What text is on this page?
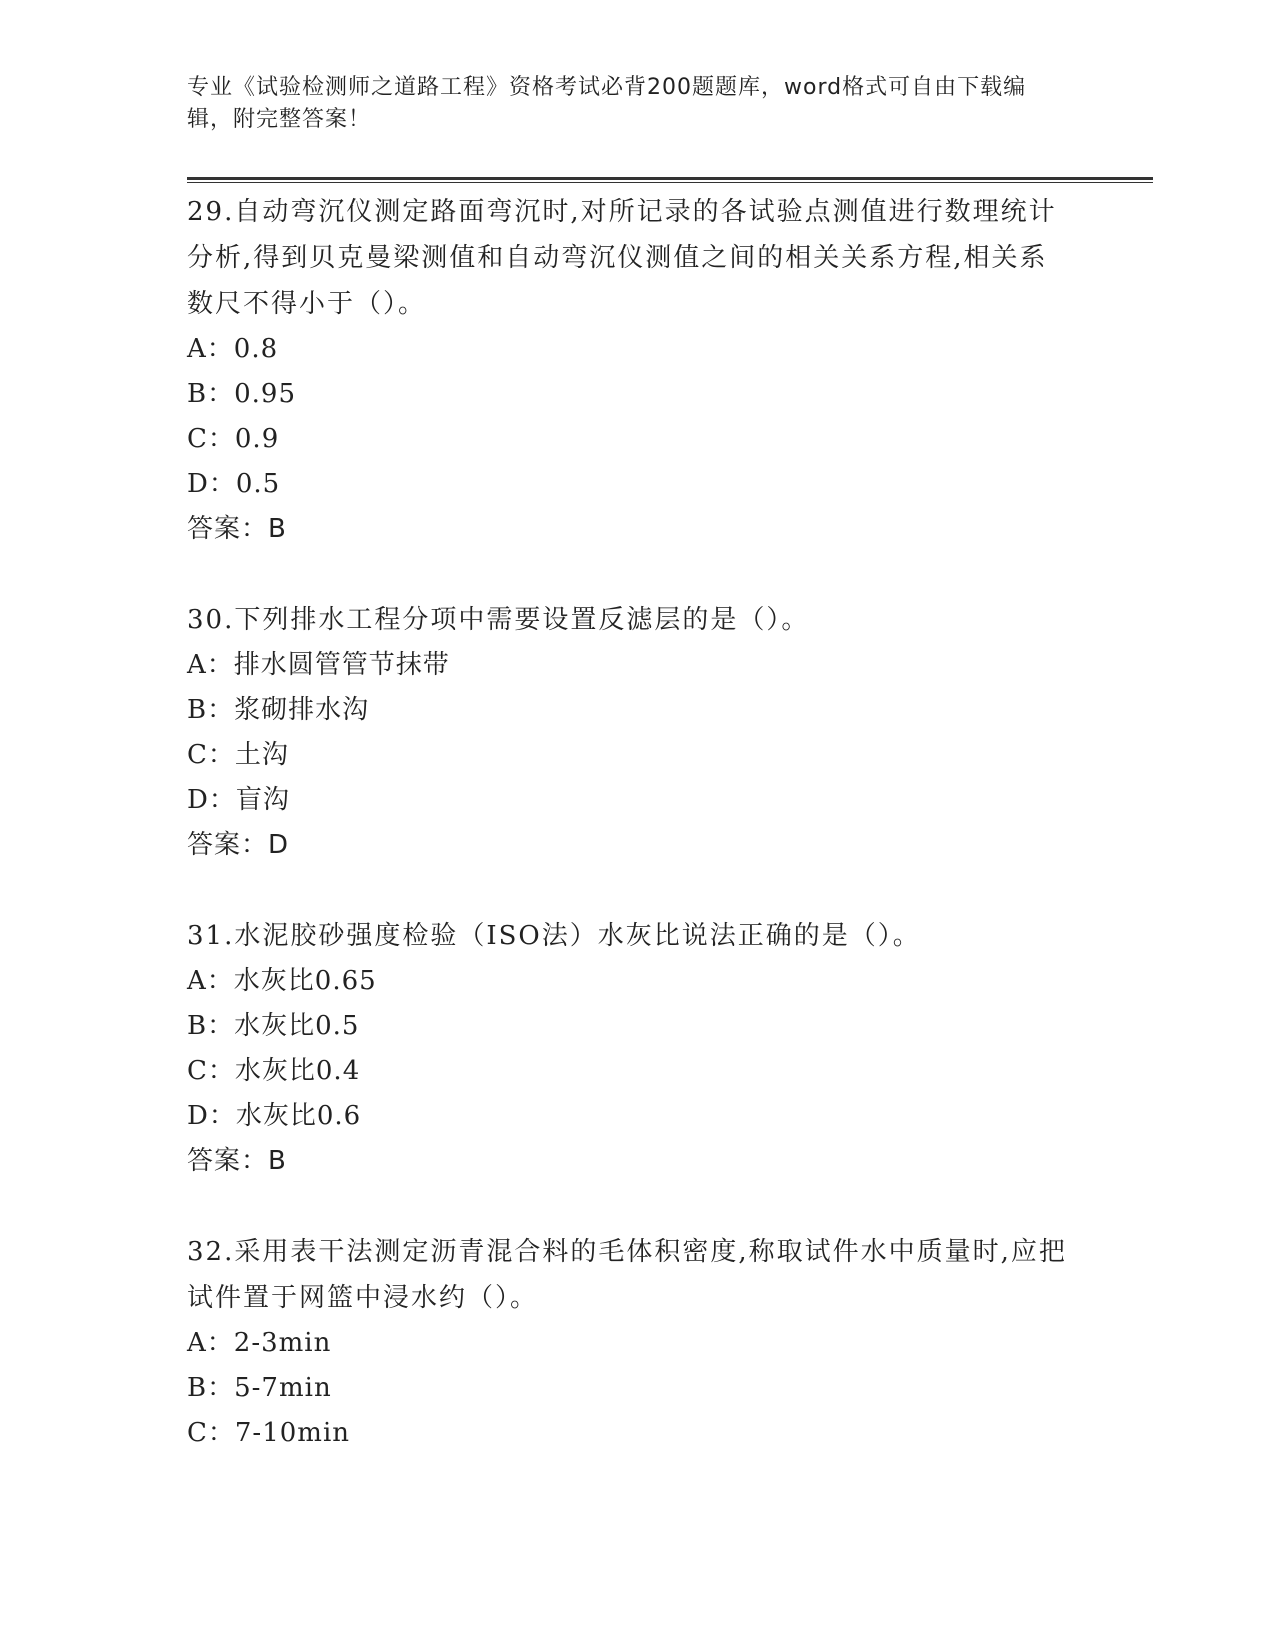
专业《试验检测师之道路工程》资格考试必背200题题库，word格式可自由下载编辑，附完整答案！
29.自动弯沉仪测定路面弯沉时,对所记录的各试验点测值进行数理统计分析,得到贝克曼梁测值和自动弯沉仪测值之间的相关关系方程,相关系数尺不得小于（）。
A：0.8
B：0.95
C：0.9
D：0.5
答案：B
30.下列排水工程分项中需要设置反滤层的是（）。
A：排水圆管管节抹带
B：浆砌排水沟
C：土沟
D：盲沟
答案：D
31.水泥胶砂强度检验（ISO法）水灰比说法正确的是（）。
A：水灰比0.65
B：水灰比0.5
C：水灰比0.4
D：水灰比0.6
答案：B
32.采用表干法测定沥青混合料的毛体积密度,称取试件水中质量时,应把试件置于网篮中浸水约（）。
A：2-3min
B：5-7min
C：7-10min
